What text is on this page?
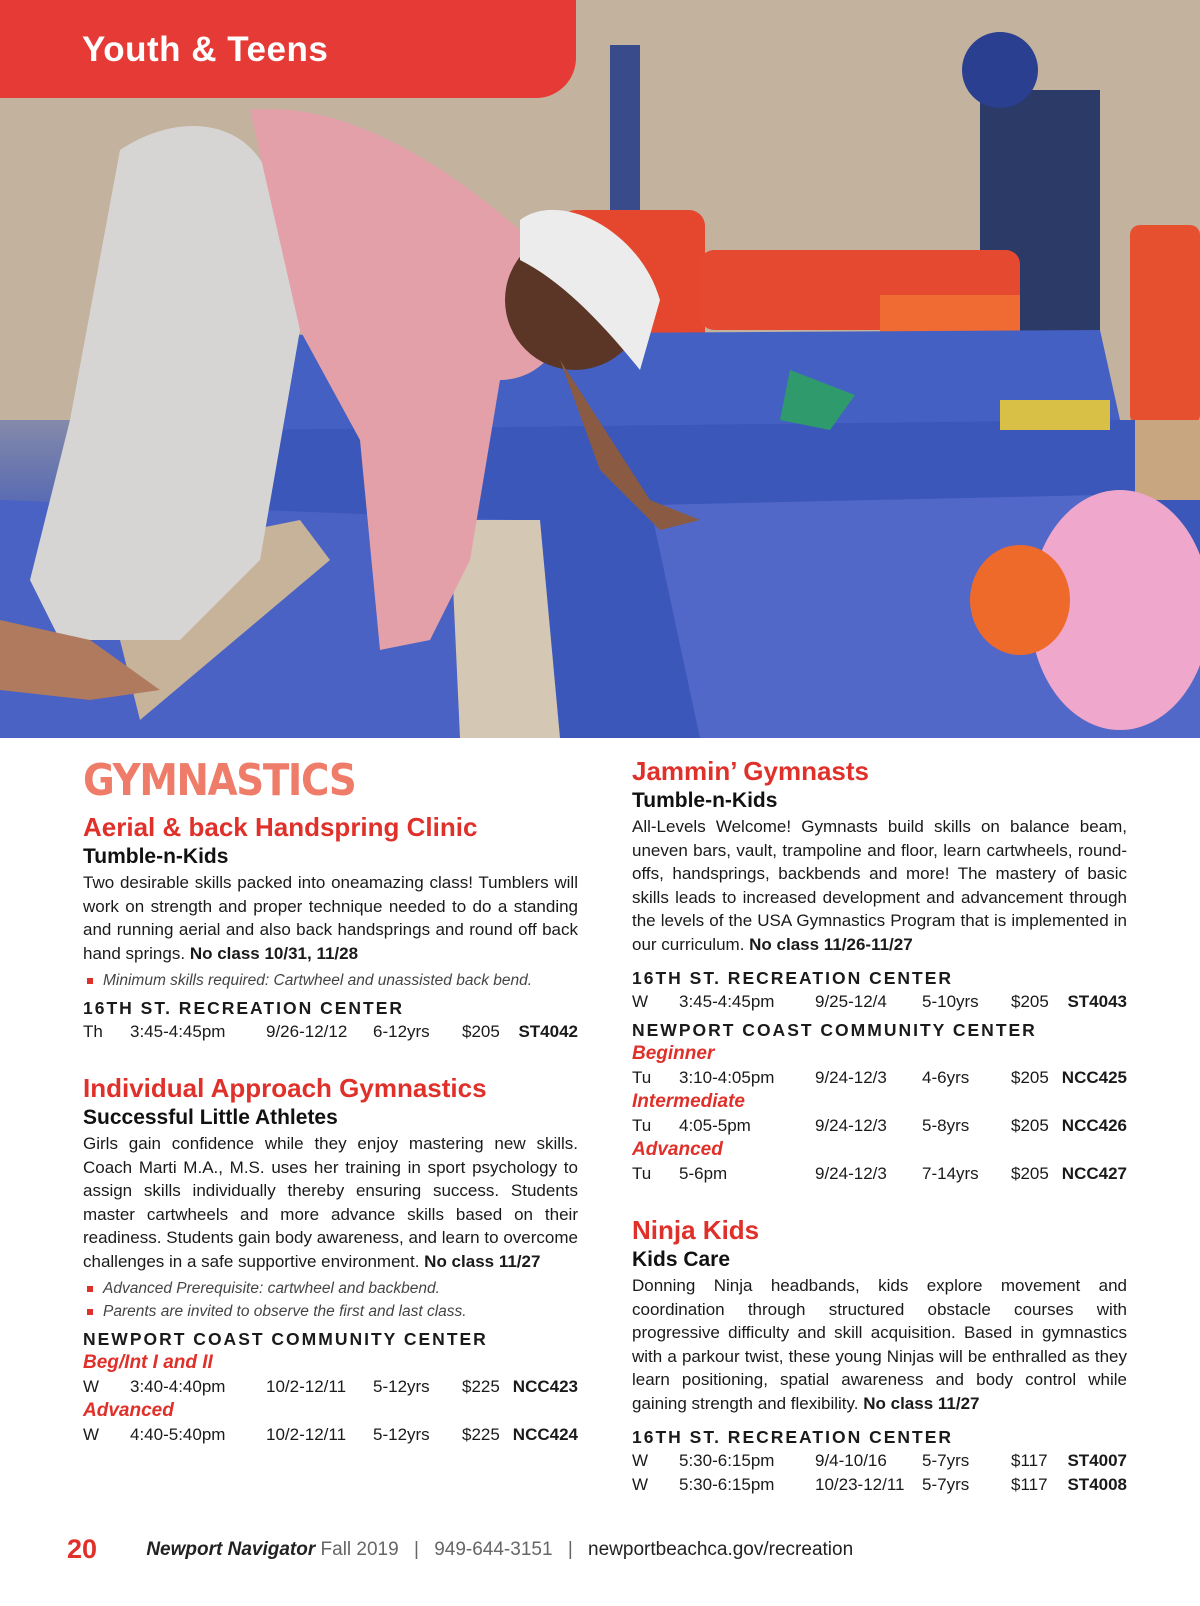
Youth & Teens
GYMNASTICS
Aerial & back Handspring Clinic
Tumble-n-Kids

Two desirable skills packed into oneamazing class! Tumblers will work on strength and proper technique needed to do a standing and running aerial and also back handsprings and round off back hand springs. No class 10/31, 11/28

Minimum skills required: Cartwheel and unassisted back bend.
16TH ST. RECREATION CENTER
Th 3:45-4:45pm 9/26-12/12 6-12yrs $205 ST4042
Individual Approach Gymnastics
Successful Little Athletes

Girls gain confidence while they enjoy mastering new skills. Coach Marti M.A., M.S. uses her training in sport psychology to assign skills individually thereby ensuring success. Students master cartwheels and more advance skills based on their readiness. Students gain body awareness, and learn to overcome challenges in a safe supportive environment. No class 11/27

Advanced Prerequisite: cartwheel and backbend.
Parents are invited to observe the first and last class.
NEWPORT COAST COMMUNITY CENTER
Beg/Int I and II
W 3:40-4:40pm 10/2-12/11 5-12yrs $225 NCC423
Advanced
W 4:40-5:40pm 10/2-12/11 5-12yrs $225 NCC424
Jammin’ Gymnasts
Tumble-n-Kids

All-Levels Welcome! Gymnasts build skills on balance beam, uneven bars, vault, trampoline and floor, learn cartwheels, round-offs, handsprings, backbends and more! The mastery of basic skills leads to increased development and advancement through the levels of the USA Gymnastics Program that is implemented in our curriculum. No class 11/26-11/27

16TH ST. RECREATION CENTER
W 3:45-4:45pm 9/25-12/4 5-10yrs $205 ST4043
NEWPORT COAST COMMUNITY CENTER
Beginner
Tu 3:10-4:05pm 9/24-12/3 4-6yrs $205 NCC425
Intermediate
Tu 4:05-5pm	9/24-12/3 5-8yrs $205 NCC426
Advanced
Tu 5-6pm	9/24-12/3 7-14yrs $205 NCC427
Ninja Kids
Kids Care

Donning Ninja headbands, kids explore movement and coordination through structured obstacle courses with progressive difficulty and skill acquisition. Based in gymnastics with a parkour twist, these young Ninjas will be enthralled as they learn positioning, spatial awareness and body control while gaining strength and flexibility. No class 11/27

16TH ST. RECREATION CENTER
W 5:30-6:15pm 9/4-10/16 5-7yrs $117 ST4007
W 5:30-6:15pm 10/23-12/11 5-7yrs $117 ST4008
20	Newport Navigator Fall 2019 | 949-644-3151 | newportbeachca.gov/recreation
